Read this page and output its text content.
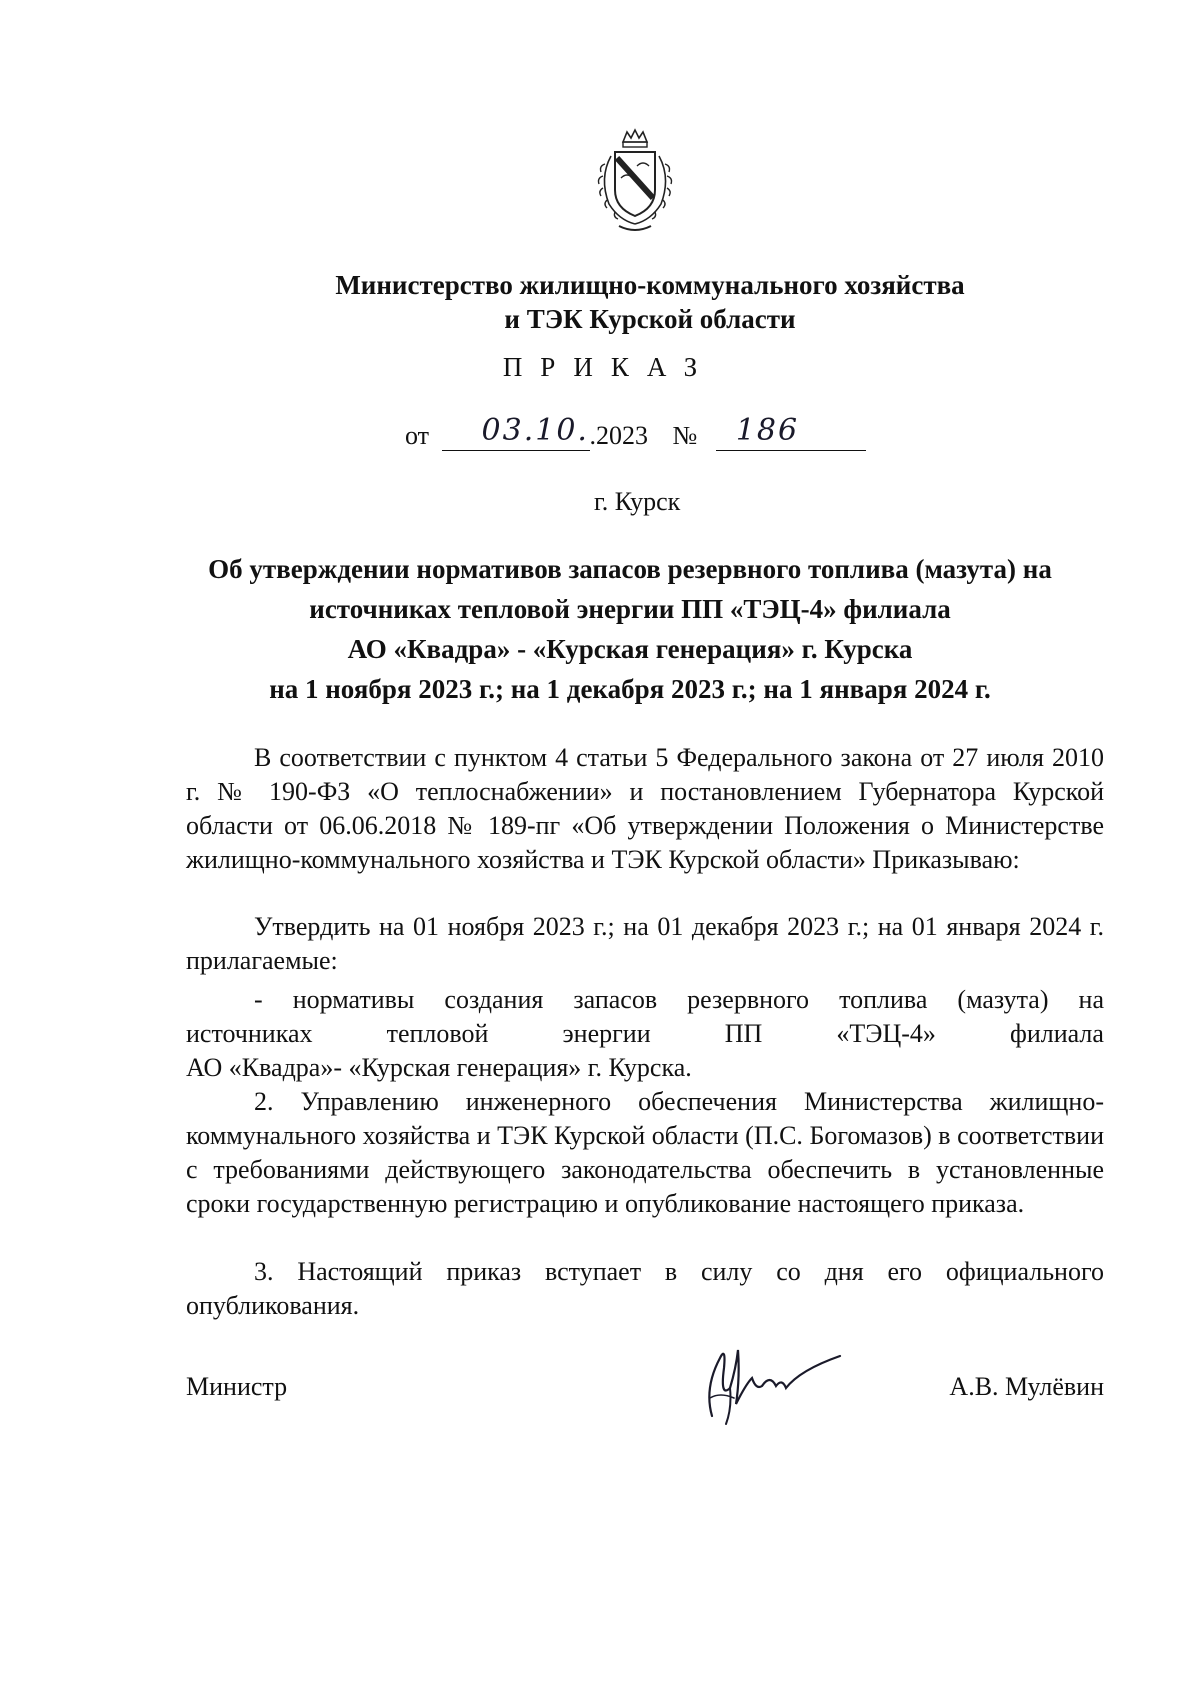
Министерство жилищно-коммунального хозяйства
и ТЭК Курской области
ПРИКАЗ
от 03.10. .2023 № 186
г. Курск
Об утверждении нормативов запасов резервного топлива (мазута) на
источниках тепловой энергии ПП «ТЭЦ-4» филиала
АО «Квадра» - «Курская генерация» г. Курска
на 1 ноября 2023 г.; на 1 декабря 2023 г.; на 1 января 2024 г.
В соответствии с пунктом 4 статьи 5 Федерального закона от 27 июля 2010 г. № 190-ФЗ «О теплоснабжении» и постановлением Губернатора Курской области от 06.06.2018 № 189-пг «Об утверждении Положения о Министерстве жилищно-коммунального хозяйства и ТЭК Курской области» Приказываю:
Утвердить на 01 ноября 2023 г.; на 01 декабря 2023 г.; на 01 января 2024 г. прилагаемые:
- нормативы создания запасов резервного топлива (мазута) на
источниках	тепловой	энергии	ПП	«ТЭЦ-4»	филиала
АО «Квадра»- «Курская генерация» г. Курска.
2. Управлению инженерного обеспечения Министерства жилищно-коммунального хозяйства и ТЭК Курской области (П.С. Богомазов) в соответствии с требованиями действующего законодательства обеспечить в установленные сроки государственную регистрацию и опубликование настоящего приказа.
3. Настоящий приказ вступает в силу со дня его официального опубликования.
Министр	А.В. Мулёвин
